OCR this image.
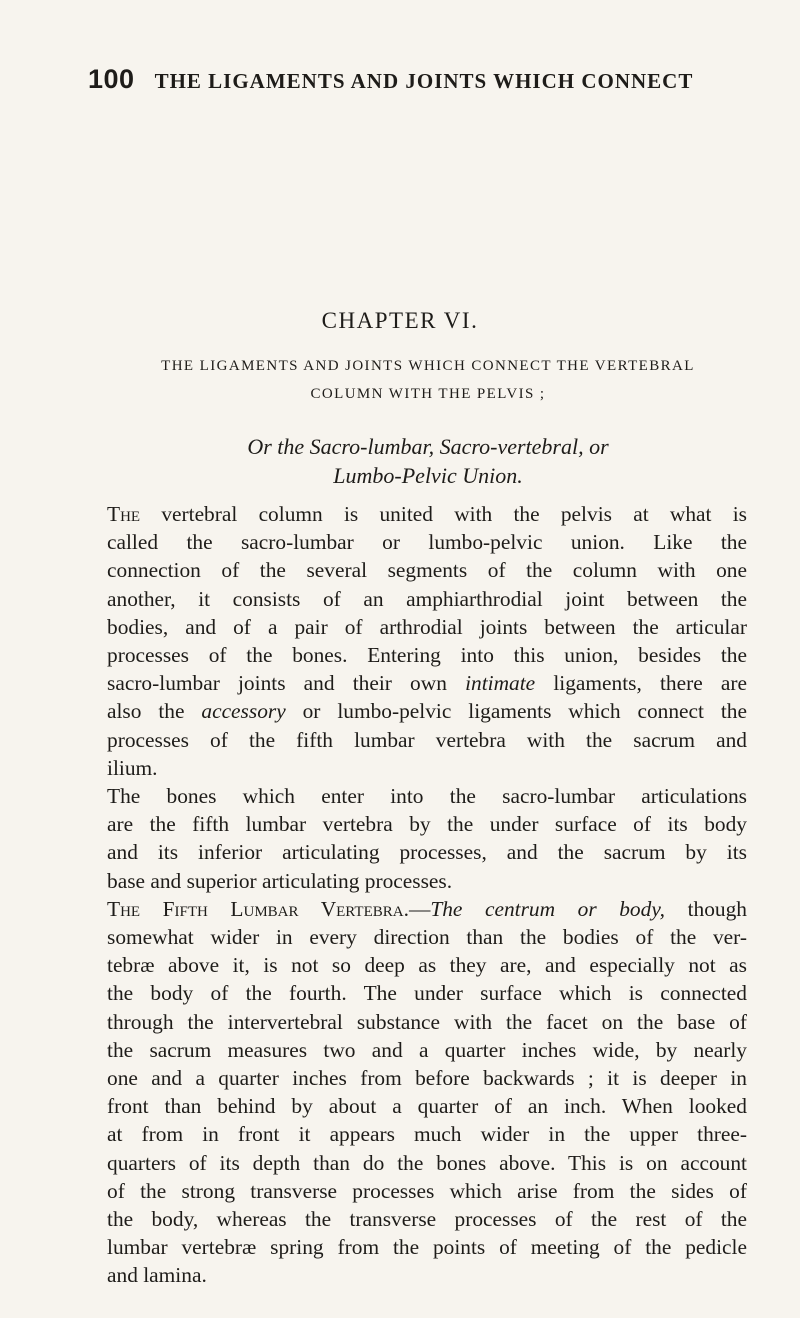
100 THE LIGAMENTS AND JOINTS WHICH CONNECT
CHAPTER VI.
THE LIGAMENTS AND JOINTS WHICH CONNECT THE VERTEBRAL
COLUMN WITH THE PELVIS ;
Or the Sacro-lumbar, Sacro-vertebral, or
Lumbo-Pelvic Union.
The vertebral column is united with the pelvis at what is
called the sacro-lumbar or lumbo-pelvic union. Like the
connection of the several segments of the column with one
another, it consists of an amphiarthrodial joint between the
bodies, and of a pair of arthrodial joints between the articular
processes of the bones. Entering into this union, besides the
sacro-lumbar joints and their own intimate ligaments, there are
also the accessory or lumbo-pelvic ligaments which connect the
processes of the fifth lumbar vertebra with the sacrum and
ilium.
The bones which enter into the sacro-lumbar articulations
are the fifth lumbar vertebra by the under surface of its body
and its inferior articulating processes, and the sacrum by its
base and superior articulating processes.
The Fifth Lumbar Vertebra.—The centrum or body, though
somewhat wider in every direction than the bodies of the ver-
tebræ above it, is not so deep as they are, and especially not as
the body of the fourth. The under surface which is connected
through the intervertebral substance with the facet on the base of
the sacrum measures two and a quarter inches wide, by nearly
one and a quarter inches from before backwards ; it is deeper in
front than behind by about a quarter of an inch. When looked
at from in front it appears much wider in the upper three-
quarters of its depth than do the bones above. This is on account
of the strong transverse processes which arise from the sides of
the body, whereas the transverse processes of the rest of the
lumbar vertebræ spring from the points of meeting of the pedicle
and lamina.
